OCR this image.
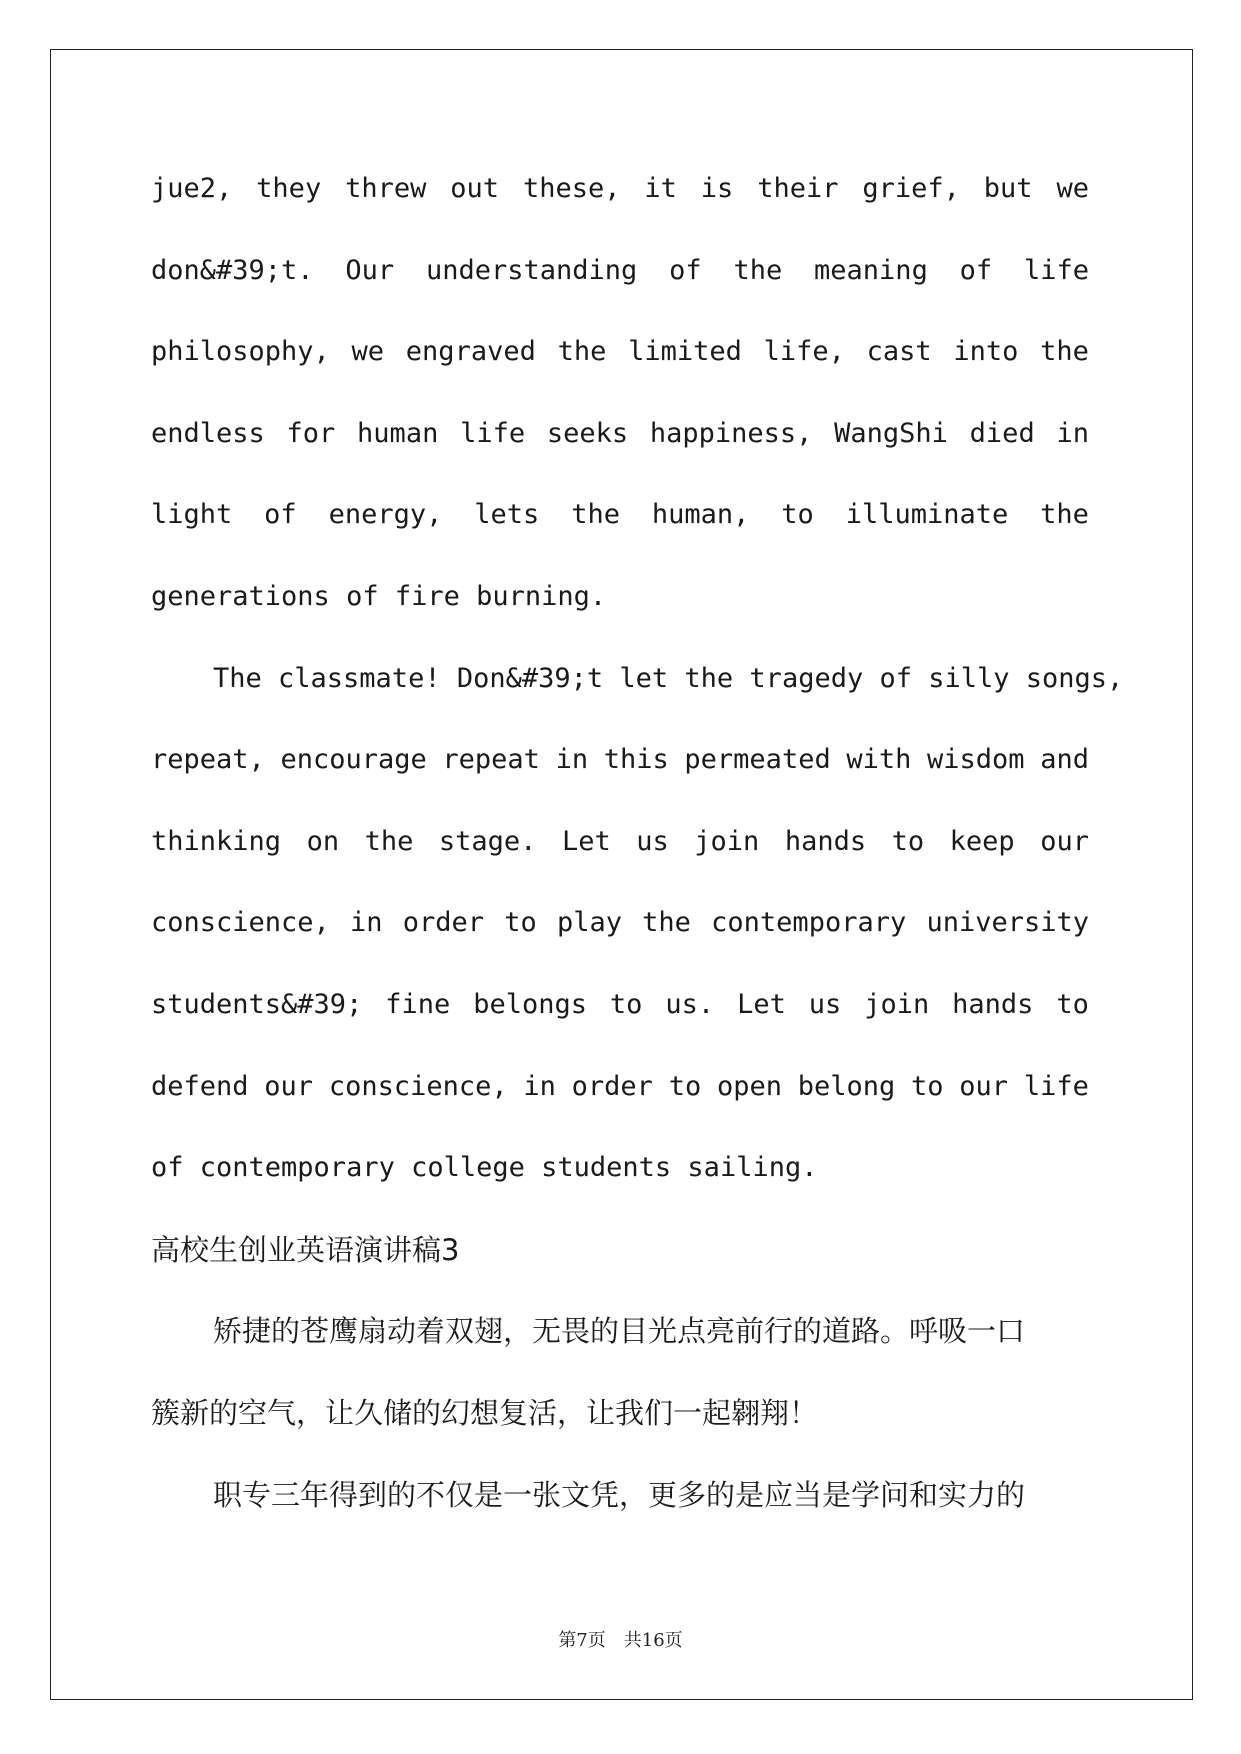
jue2, they threw out these, it is their grief, but we
don&#39;t. Our understanding of the meaning of life
philosophy, we engraved the limited life, cast into the
endless for human life seeks happiness, WangShi died in
light of energy, lets the human, to illuminate the
generations of fire burning.
The classmate! Don&#39;t let the tragedy of silly songs,
repeat, encourage repeat in this permeated with wisdom and
thinking on the stage. Let us join hands to keep our
conscience, in order to play the contemporary university
students&#39; fine belongs to us. Let us join hands to
defend our conscience, in order to open belong to our life
of contemporary college students sailing.
高校生创业英语演讲稿3
矫捷的苍鹰扇动着双翅，无畏的目光点亮前行的道路。呼吸一口
簇新的空气，让久储的幻想复活，让我们一起翱翔！
职专三年得到的不仅是一张文凭，更多的是应当是学问和实力的
第7页　共16页
